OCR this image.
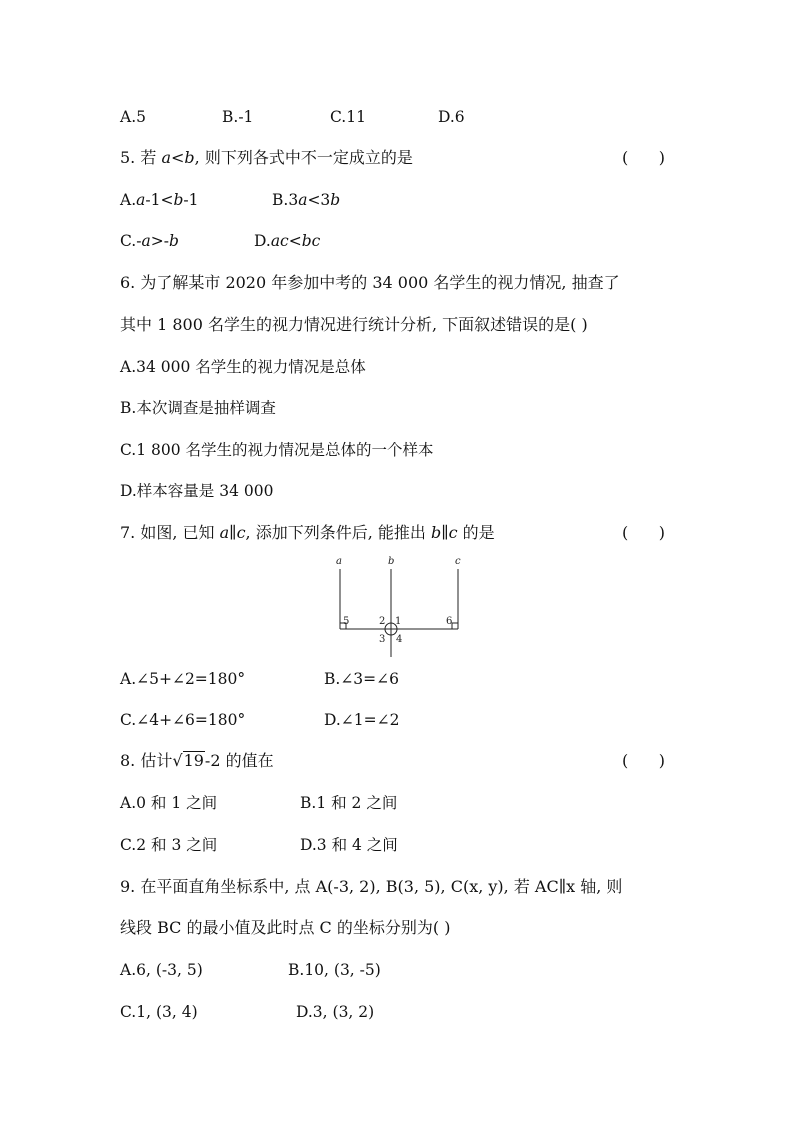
A.5	B.-1	C.11	D.6
5. 若 a<b, 则下列各式中不一定成立的是	(      )
A.a-1<b-1	B.3a<3b
C.-a>-b	D.ac<bc
6. 为了解某市 2020 年参加中考的 34 000 名学生的视力情况, 抽查了
其中 1 800 名学生的视力情况进行统计分析, 下面叙述错误的是( )
A.34 000 名学生的视力情况是总体
B.本次调查是抽样调查
C.1 800 名学生的视力情况是总体的一个样本
D.样本容量是 34 000
7. 如图, 已知 a∥c, 添加下列条件后, 能推出 b∥c 的是	(      )
a	b	c
5	2 1
3 4
6
A.∠5+∠2=180°	B.∠3=∠6
C.∠4+∠6=180°	D.∠1=∠2
8. 估计√19-2 的值在	(      )
A.0 和 1 之间	B.1 和 2 之间
C.2 和 3 之间	D.3 和 4 之间
9. 在平面直角坐标系中, 点 A(-3, 2), B(3, 5), C(x, y), 若 AC∥x 轴, 则
线段 BC 的最小值及此时点 C 的坐标分别为( )
A.6, (-3, 5)	B.10, (3, -5)
C.1, (3, 4)	D.3, (3, 2)
